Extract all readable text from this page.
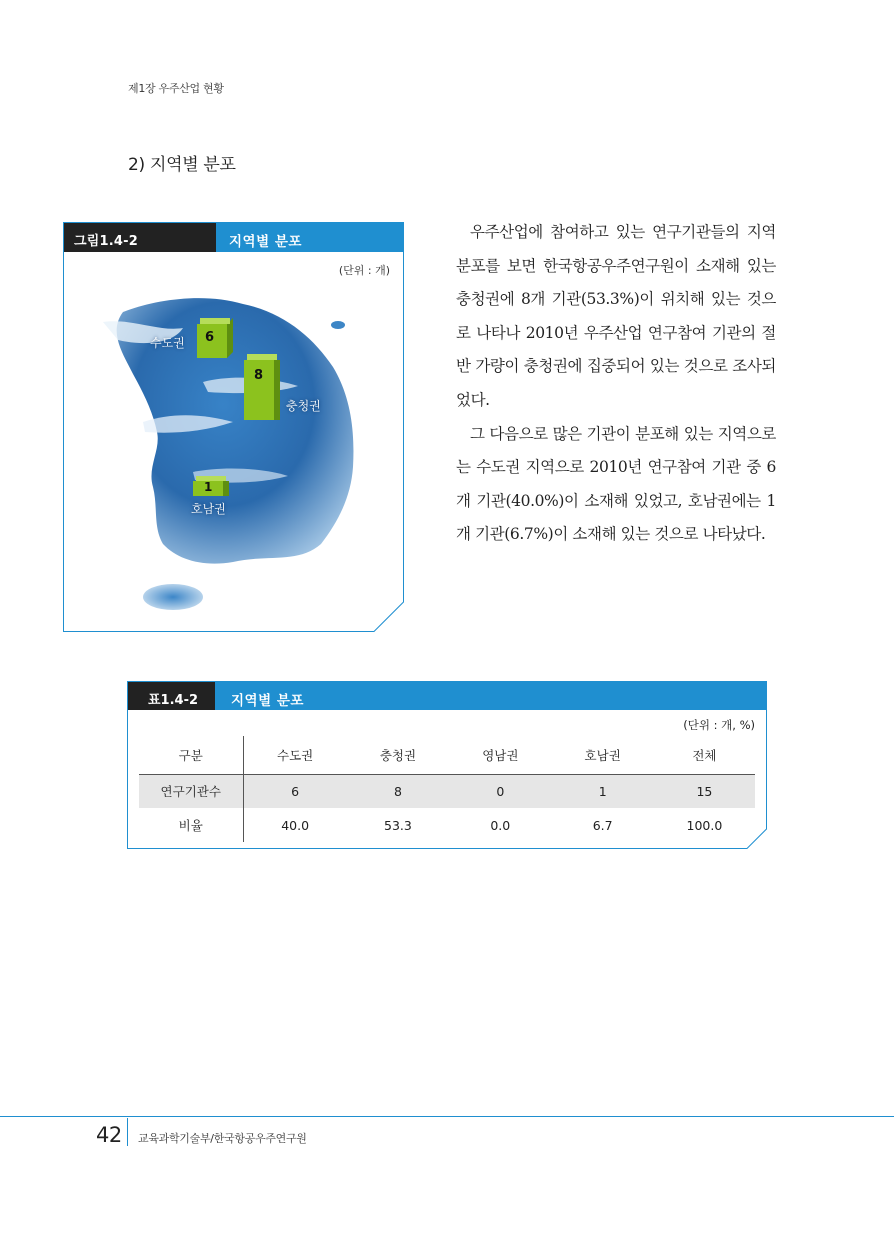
제1장 우주산업 현황
2) 지역별 분포
그림1.4-2	지역별 분포
(단위 : 개)
6
수도권
8
충청권
1
호남권

우주산업에 참여하고 있는 연구기관들의 지역 분포를 보면 한국항공우주연구원이 소재해 있는 충청권에 8개 기관(53.3%)이 위치해 있는 것으로 나타나 2010년 우주산업 연구참여 기관의 절반 가량이 충청권에 집중되어 있는 것으로 조사되었다.

그 다음으로 많은 기관이 분포해 있는 지역으로는 수도권 지역으로 2010년 연구참여 기관 중 6개 기관(40.0%)이 소재해 있었고, 호남권에는 1개 기관(6.7%)이 소재해 있는 것으로 나타났다.

표1.4-2	지역별 분포
(단위 : 개, %)
구분	수도권	충청권	영남권	호남권	전체
연구기관수	6	8	0	1	15
비율	40.0	53.3	0.0	6.7	100.0
42 교육과학기술부/한국항공우주연구원
